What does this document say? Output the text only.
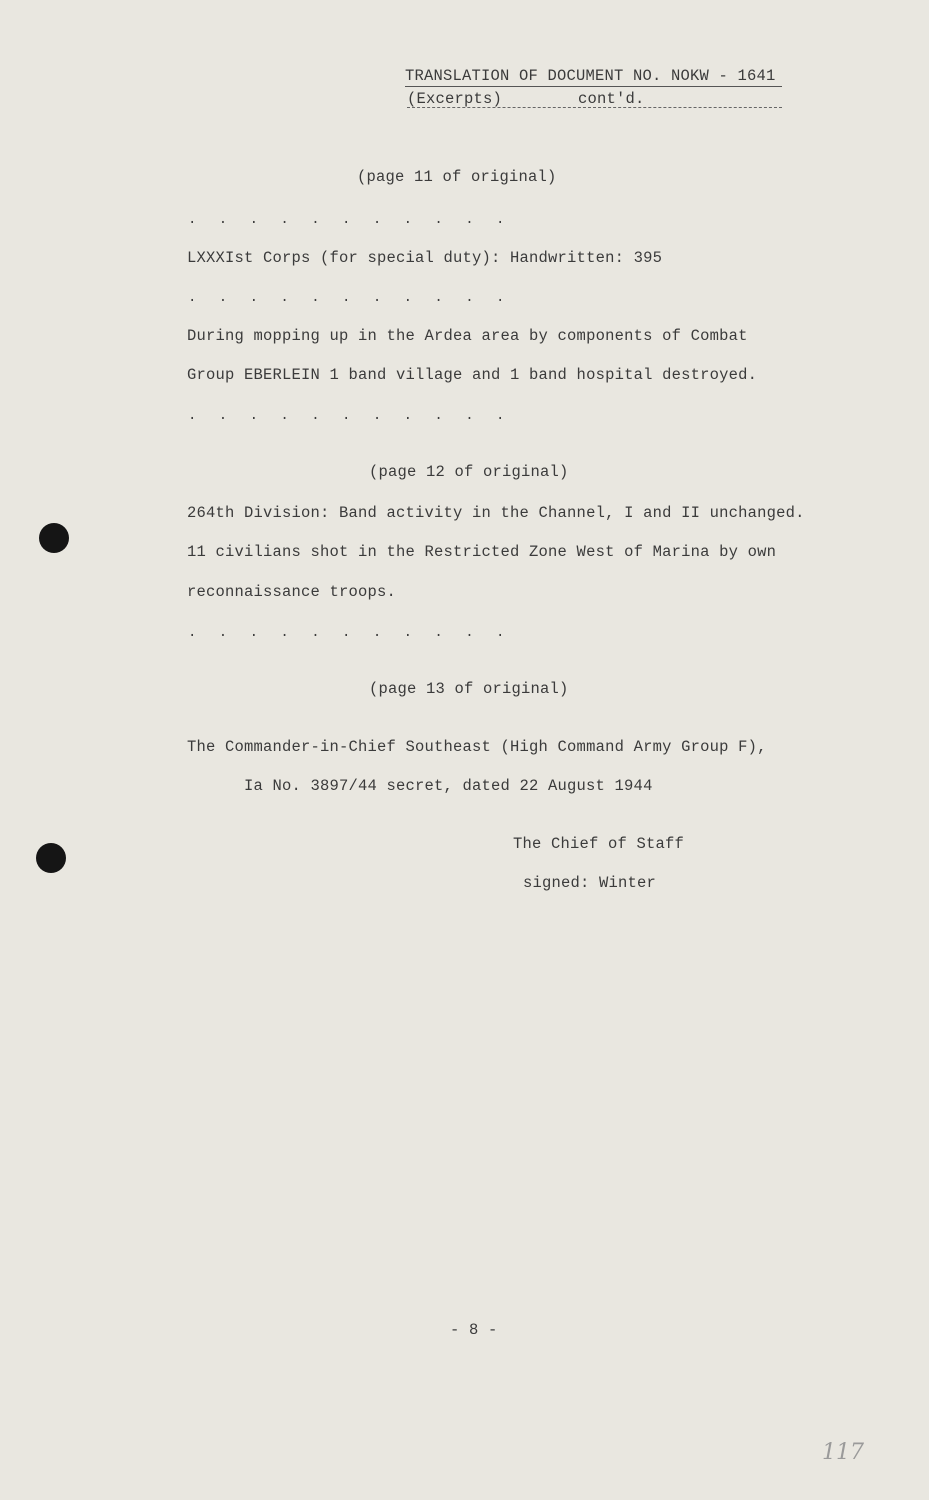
TRANSLATION OF DOCUMENT NO. NOKW - 1641
(Excerpts)	cont'd.
(page 11 of original)
. . . . . . . . . . .
LXXXIst Corps (for special duty): Handwritten: 395
. . . . . . . . . . .
During mopping up in the Ardea area by components of Combat
Group EBERLEIN 1 band village and 1 band hospital destroyed.
. . . . . . . . . . .
(page 12 of original)
264th Division: Band activity in the Channel, I and II unchanged.
11 civilians shot in the Restricted Zone West of Marina by own
reconnaissance troops.
. . . . . . . . . . .
(page 13 of original)
The Commander-in-Chief Southeast (High Command Army Group F),
Ia No. 3897/44 secret, dated 22 August 1944
The Chief of Staff
signed: Winter
- 8 -
117
